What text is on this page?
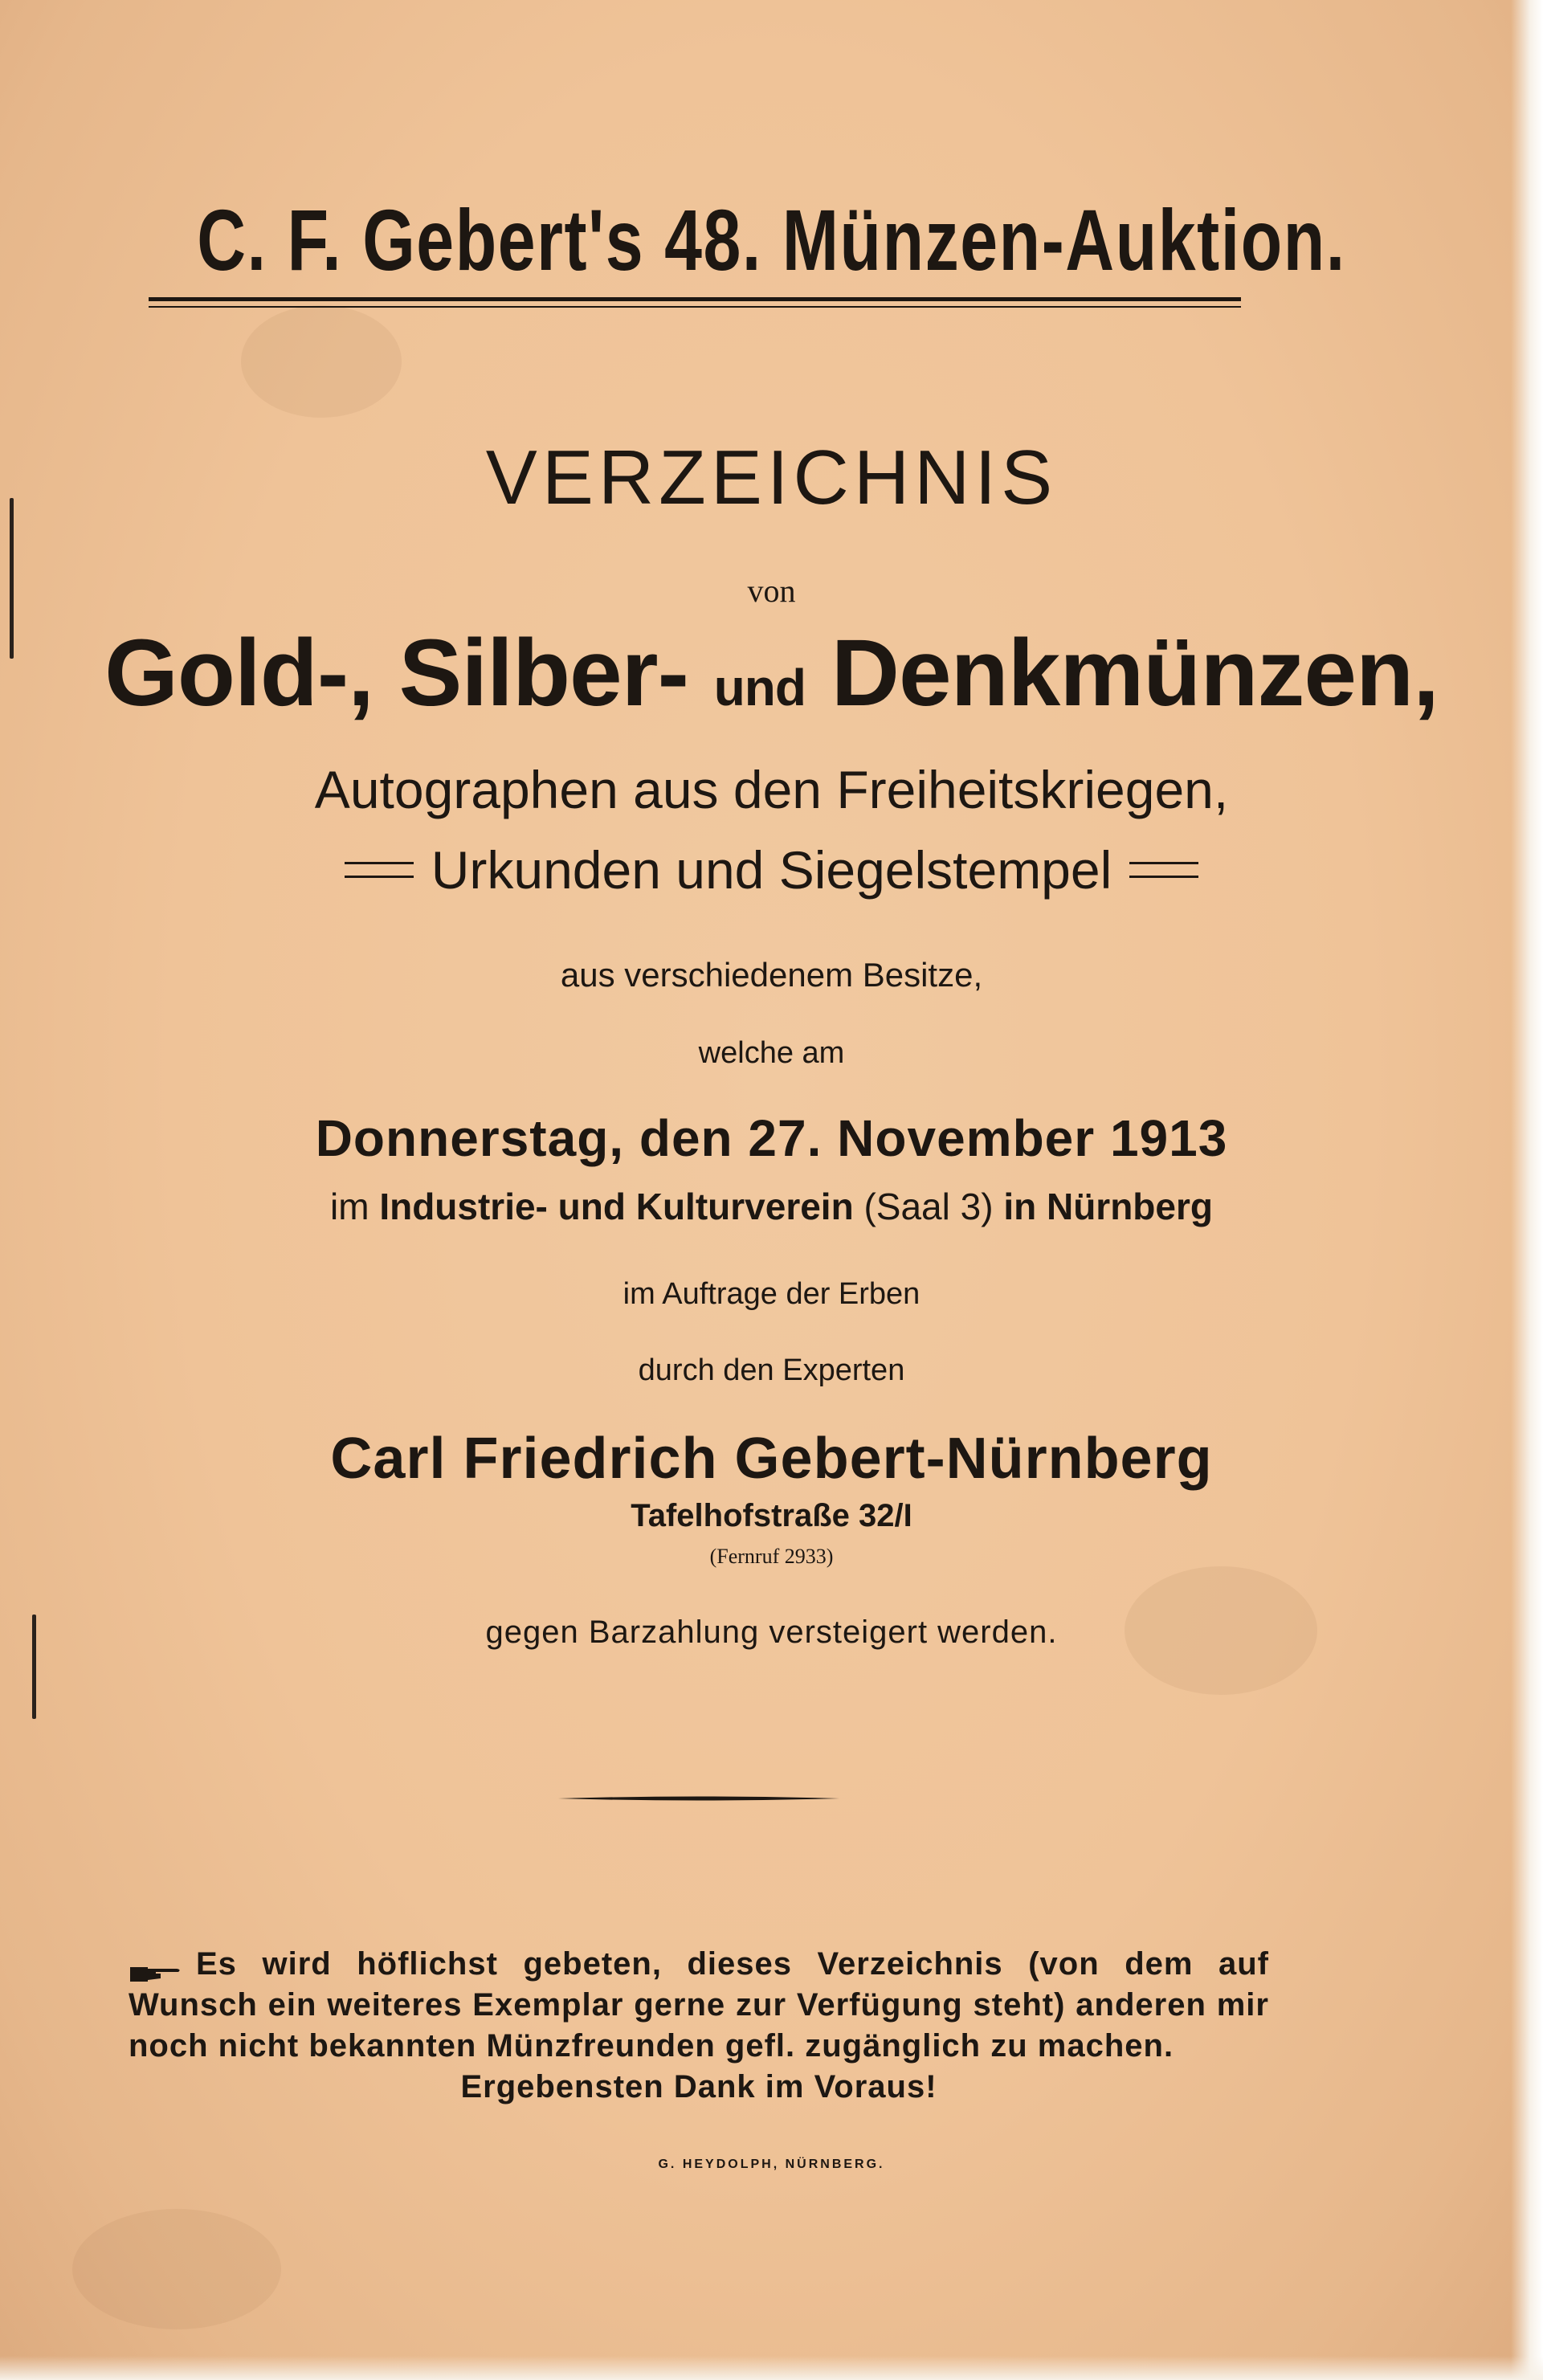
C. F. Gebert's 48. Münzen-Auktion.
VERZEICHNIS
von
Gold-, Silber- und Denkmünzen,
Autographen aus den Freiheitskriegen,
Urkunden und Siegelstempel
aus verschiedenem Besitze,
welche am
Donnerstag, den 27. November 1913
im Industrie- und Kulturverein (Saal 3) in Nürnberg
im Auftrage der Erben
durch den Experten
Carl Friedrich Gebert-Nürnberg
Tafelhofstraße 32/I
(Fernruf 2933)
gegen Barzahlung versteigert werden.
Es wird höflichst gebeten, dieses Verzeichnis (von dem auf Wunsch ein weiteres Exemplar gerne zur Verfügung steht) anderen mir noch nicht bekannten Münzfreunden gefl. zugänglich zu machen.
Ergebensten Dank im Voraus!
G. HEYDOLPH, NÜRNBERG.
